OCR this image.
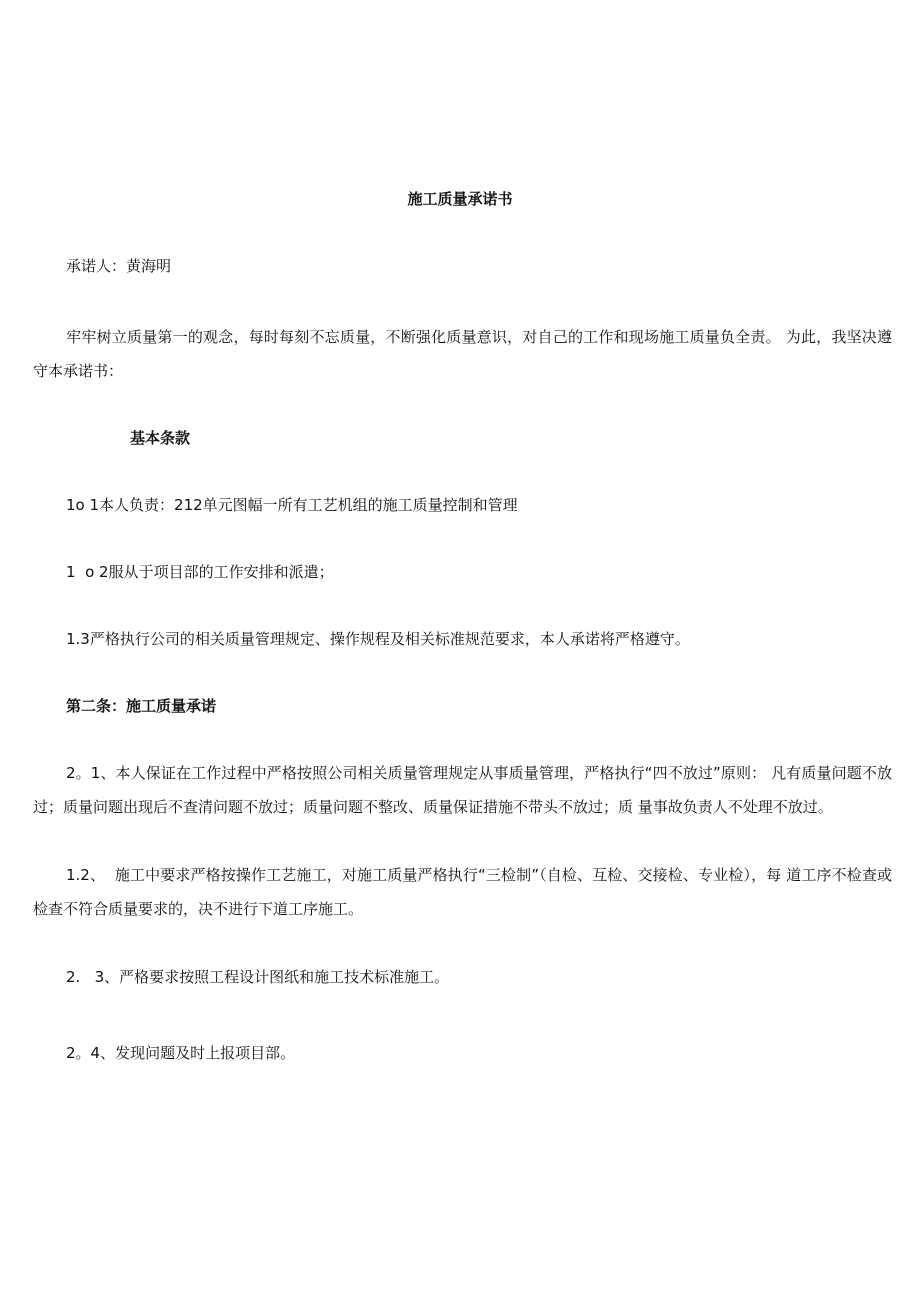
施工质量承诺书
承诺人：黄海明
牢牢树立质量第一的观念，每时每刻不忘质量，不断强化质量意识，对自己的工作和现场施工质量负全责。 为此，我坚决遵守本承诺书：
基本条款
1o 1本人负责：212单元图幅一所有工艺机组的施工质量控制和管理
1  o 2服从于项目部的工作安排和派遣；
1.3严格执行公司的相关质量管理规定、操作规程及相关标准规范要求，本人承诺将严格遵守。
第二条：施工质量承诺
2。1、本人保证在工作过程中严格按照公司相关质量管理规定从事质量管理，严格执行“四不放过”原则： 凡有质量问题不放过；质量问题出现后不查清问题不放过；质量问题不整改、质量保证措施不带头不放过；质 量事故负责人不处理不放过。
1.2、  施工中要求严格按操作工艺施工，对施工质量严格执行“三检制”（自检、互检、交接检、专业检），每 道工序不检查或检查不符合质量要求的，决不进行下道工序施工。
2.   3、严格要求按照工程设计图纸和施工技术标准施工。
2。4、发现问题及时上报项目部。
